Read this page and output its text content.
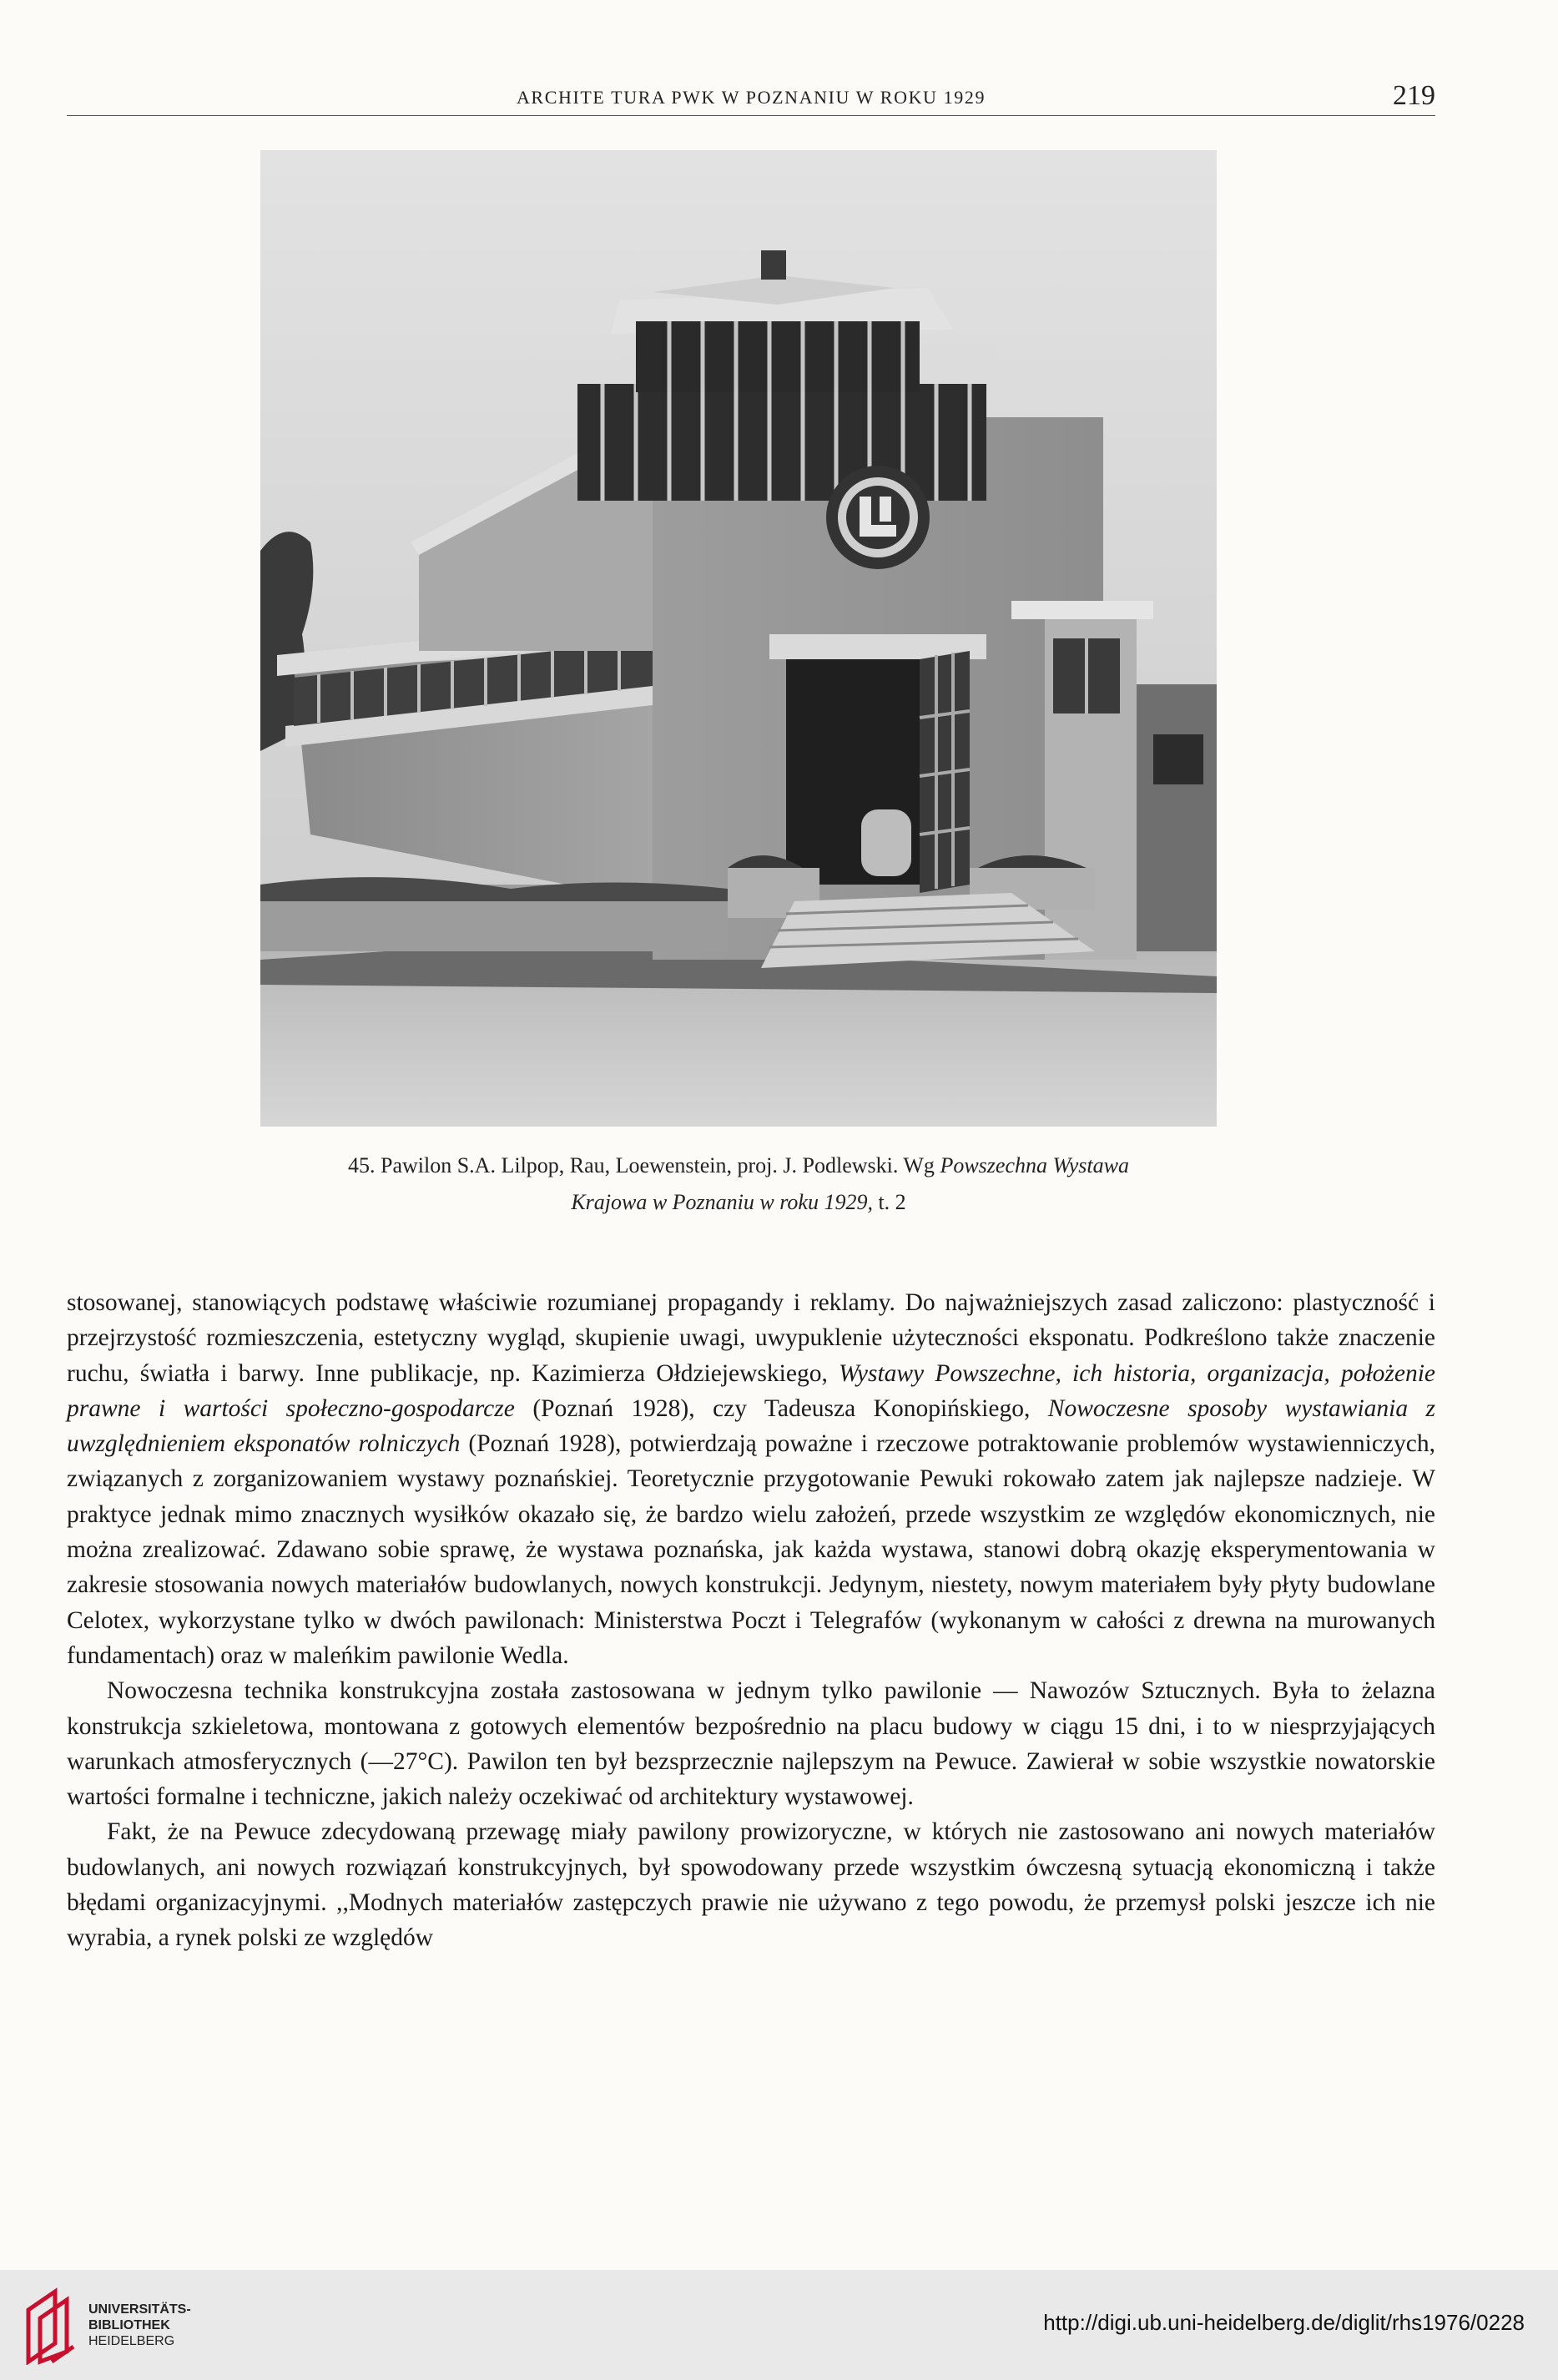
ARCHITE TURA PWK W POZNANIU W ROKU 1929	219
45. Pawilon S.A. Lilpop, Rau, Loewenstein, proj. J. Podlewski. Wg Powszechna Wystawa
Krajowa w Poznaniu w roku 1929, t. 2

stosowanej, stanowiących podstawę właściwie rozumianej propagandy i reklamy. Do najważniejszych zasad zaliczono: plastyczność i przejrzystość rozmieszczenia, estetyczny wygląd, skupienie uwagi, uwypuklenie użyteczności eksponatu. Podkreślono także znaczenie ruchu, światła i barwy. Inne publikacje, np. Kazimierza Ołdziejewskiego, Wystawy Powszechne, ich historia, organizacja, położenie prawne i wartości społeczno-gospodarcze (Poznań 1928), czy Tadeusza Konopińskiego, Nowoczesne sposoby wystawiania z uwzględnieniem eksponatów rolniczych (Poznań 1928), potwierdzają poważne i rzeczowe potraktowanie problemów wystawienniczych, związanych z zorganizowaniem wystawy poznańskiej. Teoretycznie przygotowanie Pewuki rokowało zatem jak najlepsze nadzieje. W praktyce jednak mimo znacznych wysiłków okazało się, że bardzo wielu założeń, przede wszystkim ze względów ekonomicznych, nie można zrealizować. Zdawano sobie sprawę, że wystawa poznańska, jak każda wystawa, stanowi dobrą okazję eksperymentowania w zakresie stosowania nowych materiałów budowlanych, nowych konstrukcji. Jedynym, niestety, nowym materiałem były płyty budowlane Celotex, wykorzystane tylko w dwóch pawilonach: Ministerstwa Poczt i Telegrafów (wykonanym w całości z drewna na murowanych fundamentach) oraz w maleńkim pawilonie Wedla.

Nowoczesna technika konstrukcyjna została zastosowana w jednym tylko pawilonie — Nawozów Sztucznych. Była to żelazna konstrukcja szkieletowa, montowana z gotowych elementów bezpośrednio na placu budowy w ciągu 15 dni, i to w niesprzyjających warunkach atmosferycznych (—27°C). Pawilon ten był bezsprzecznie najlepszym na Pewuce. Zawierał w sobie wszystkie nowatorskie wartości formalne i techniczne, jakich należy oczekiwać od architektury wystawowej.

Fakt, że na Pewuce zdecydowaną przewagę miały pawilony prowizoryczne, w których nie zastosowano ani nowych materiałów budowlanych, ani nowych rozwiązań konstrukcyjnych, był spowodowany przede wszystkim ówczesną sytuacją ekonomiczną i także błędami organizacyjnymi. ,,Modnych materiałów zastępczych prawie nie używano z tego powodu, że przemysł polski jeszcze ich nie wyrabia, a rynek polski ze względów

UNIVERSITÄTS-
BIBLIOTHEK
HEIDELBERG
http://digi.ub.uni-heidelberg.de/diglit/rhs1976/0228
